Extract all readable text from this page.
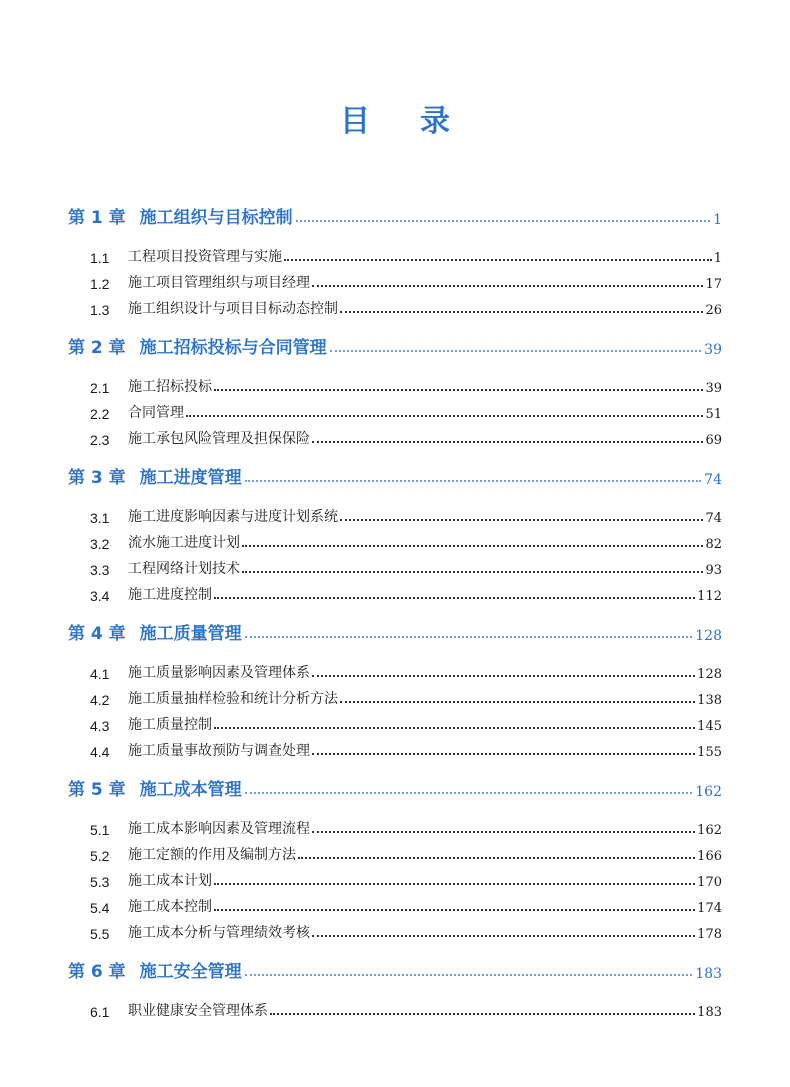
目录
第 1 章 施工组织与目标控制	1
1.1	工程项目投资管理与实施	1
1.2	施工项目管理组织与项目经理	17
1.3	施工组织设计与项目目标动态控制	26
第 2 章 施工招标投标与合同管理	39
2.1	施工招标投标	39
2.2	合同管理	51
2.3	施工承包风险管理及担保保险	69
第 3 章 施工进度管理	74
3.1	施工进度影响因素与进度计划系统	74
3.2	流水施工进度计划	82
3.3	工程网络计划技术	93
3.4	施工进度控制	112
第 4 章 施工质量管理	128
4.1	施工质量影响因素及管理体系	128
4.2	施工质量抽样检验和统计分析方法	138
4.3	施工质量控制	145
4.4	施工质量事故预防与调查处理	155
第 5 章 施工成本管理	162
5.1	施工成本影响因素及管理流程	162
5.2	施工定额的作用及编制方法	166
5.3	施工成本计划	170
5.4	施工成本控制	174
5.5	施工成本分析与管理绩效考核	178
第 6 章 施工安全管理	183
6.1	职业健康安全管理体系	183
